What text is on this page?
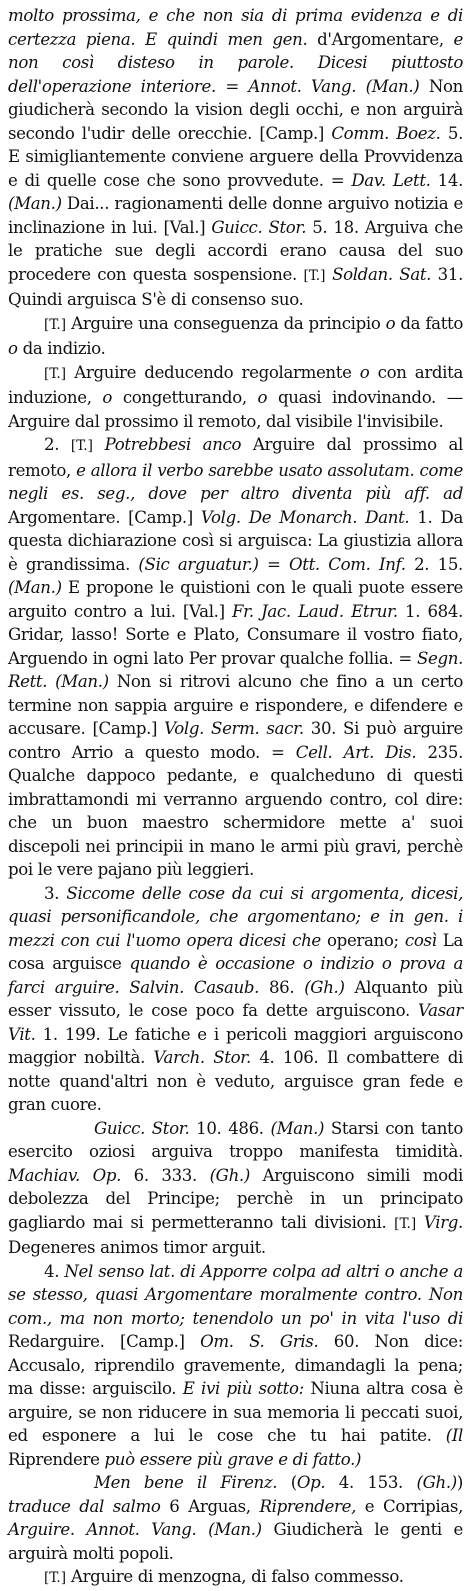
molto prossima, e che non sia di prima evidenza e di certezza piena. E quindi men gen. d'Argomentare, e non così disteso in parole. Dicesi piuttosto dell'operazione interiore. = Annot. Vang. (Man.) Non giudicherà secondo la vision degli occhi, e non arguirà secondo l'udir delle orecchie. [Camp.] Comm. Boez. 5. E simigliantemente conviene arguere della Provvidenza e di quelle cose che sono provvedute. = Dav. Lett. 14. (Man.) Dai... ragionamenti delle donne arguivo notizia e inclinazione in lui. [Val.] Guicc. Stor. 5. 18. Arguiva che le pratiche sue degli accordi erano causa del suo procedere con questa sospensione. [T.] Soldan. Sat. 31. Quindi arguisca S'è di consenso suo.

[T.] Arguire una conseguenza da principio o da fatto o da indizio.

[T.] Arguire deducendo regolarmente o con ardita induzione, o congetturando, o quasi indovinando. — Arguire dal prossimo il remoto, dal visibile l'invisibile.

2. [T.] Potrebbesi anco Arguire dal prossimo al remoto, e allora il verbo sarebbe usato assolutam. come negli es. seg., dove per altro diventa più aff. ad Argomentare. [Camp.] Volg. De Monarch. Dant. 1. Da questa dichiarazione così si arguisca: La giustizia allora è grandissima. (Sic arguatur.) = Ott. Com. Inf. 2. 15. (Man.) E propone le quistioni con le quali puote essere arguito contro a lui. [Val.] Fr. Jac. Laud. Etrur. 1. 684. Gridar, lasso! Sorte e Plato, Consumare il vostro fiato, Arguendo in ogni lato Per provar qualche follia. = Segn. Rett. (Man.) Non si ritrovi alcuno che fino a un certo termine non sappia arguire e rispondere, e difendere e accusare. [Camp.] Volg. Serm. sacr. 30. Si può arguire contro Arrio a questo modo. = Cell. Art. Dis. 235. Qualche dappoco pedante, e qualcheduno di questi imbrattamondi mi verranno arguendo contro, col dire: che un buon maestro schermidore mette a' suoi discepoli nei principii in mano le armi più gravi, perchè poi le vere pajano più leggieri.

3. Siccome delle cose da cui si argomenta, dicesi, quasi personificandole, che argomentano; e in gen. i mezzi con cui l'uomo opera dicesi che operano; così La cosa arguisce quando è occasione o indizio o prova a farci arguire. Salvin. Casaub. 86. (Gh.) Alquanto più esser vissuto, le cose poco fa dette arguiscono. Vasar Vit. 1. 199. Le fatiche e i pericoli maggiori arguiscono maggior nobiltà. Varch. Stor. 4. 106. Il combattere di notte quand'altri non è veduto, arguisce gran fede e gran cuore.

Guicc. Stor. 10. 486. (Man.) Starsi con tanto esercito oziosi arguiva troppo manifesta timidità. Machiav. Op. 6. 333. (Gh.) Arguiscono simili modi debolezza del Principe; perchè in un principato gagliardo mai si permetteranno tali divisioni. [T.] Virg. Degeneres animos timor arguit.

4. Nel senso lat. di Apporre colpa ad altri o anche a se stesso, quasi Argomentare moralmente contro. Non com., ma non morto; tenendolo un po' in vita l'uso di Redarguire. [Camp.] Om. S. Gris. 60. Non dice: Accusalo, riprendilo gravemente, dimandagli la pena; ma disse: arguiscilo. E ivi più sotto: Niuna altra cosa è arguire, se non riducere in sua memoria li peccati suoi, ed esponere a lui le cose che tu hai patite. (Il Riprendere può essere più grave e di fatto.)

Men bene il Firenz. (Op. 4. 153. (Gh.)) traduce dal salmo 6 Arguas, Riprendere, e Corripias, Arguire. Annot. Vang. (Man.) Giudicherà le genti e arguirà molti popoli.

[T.] Arguire di menzogna, di falso commesso.
